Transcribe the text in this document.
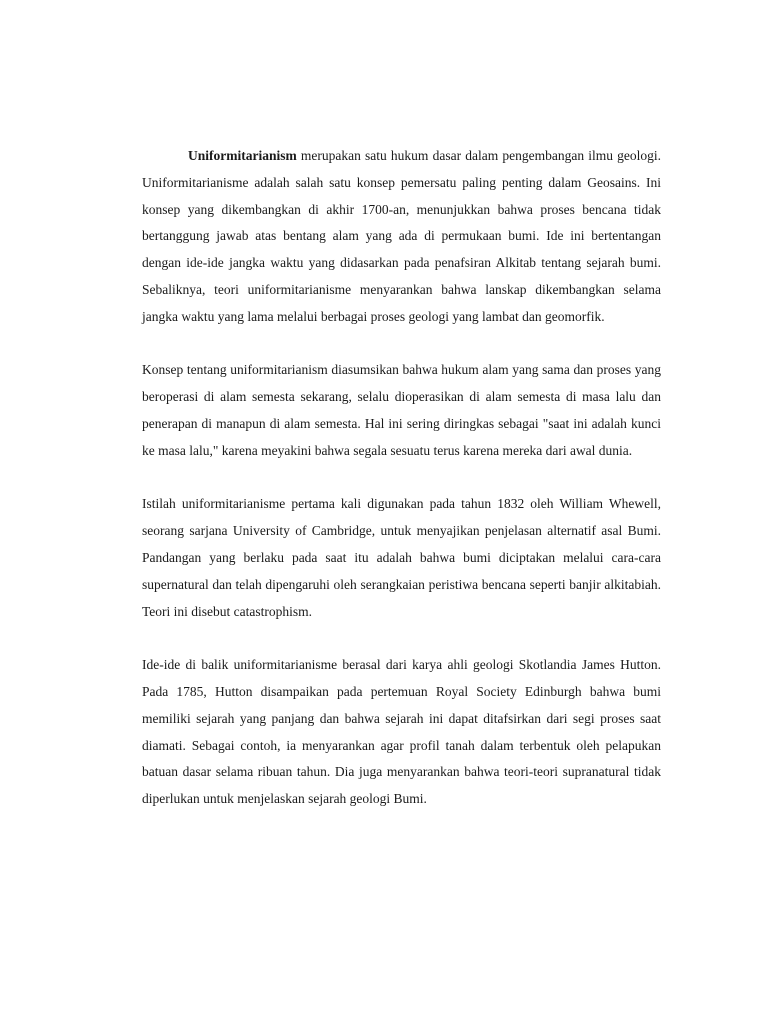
Uniformitarianism merupakan satu hukum dasar dalam pengembangan ilmu geologi. Uniformitarianisme adalah salah satu konsep pemersatu paling penting dalam Geosains. Ini konsep yang dikembangkan di akhir 1700-an, menunjukkan bahwa proses bencana tidak bertanggung jawab atas bentang alam yang ada di permukaan bumi. Ide ini bertentangan dengan ide-ide jangka waktu yang didasarkan pada penafsiran Alkitab tentang sejarah bumi. Sebaliknya, teori uniformitarianisme menyarankan bahwa lanskap dikembangkan selama jangka waktu yang lama melalui berbagai proses geologi yang lambat dan geomorfik.

Konsep tentang uniformitarianism diasumsikan bahwa hukum alam yang sama dan proses yang beroperasi di alam semesta sekarang, selalu dioperasikan di alam semesta di masa lalu dan penerapan di manapun di alam semesta. Hal ini sering diringkas sebagai "saat ini adalah kunci ke masa lalu," karena meyakini bahwa segala sesuatu terus karena mereka dari awal dunia.

Istilah uniformitarianisme pertama kali digunakan pada tahun 1832 oleh William Whewell, seorang sarjana University of Cambridge, untuk menyajikan penjelasan alternatif asal Bumi. Pandangan yang berlaku pada saat itu adalah bahwa bumi diciptakan melalui cara-cara supernatural dan telah dipengaruhi oleh serangkaian peristiwa bencana seperti banjir alkitabiah. Teori ini disebut catastrophism.

Ide-ide di balik uniformitarianisme berasal dari karya ahli geologi Skotlandia James Hutton. Pada 1785, Hutton disampaikan pada pertemuan Royal Society Edinburgh bahwa bumi memiliki sejarah yang panjang dan bahwa sejarah ini dapat ditafsirkan dari segi proses saat diamati. Sebagai contoh, ia menyarankan agar profil tanah dalam terbentuk oleh pelapukan batuan dasar selama ribuan tahun. Dia juga menyarankan bahwa teori-teori supranatural tidak diperlukan untuk menjelaskan sejarah geologi Bumi.
